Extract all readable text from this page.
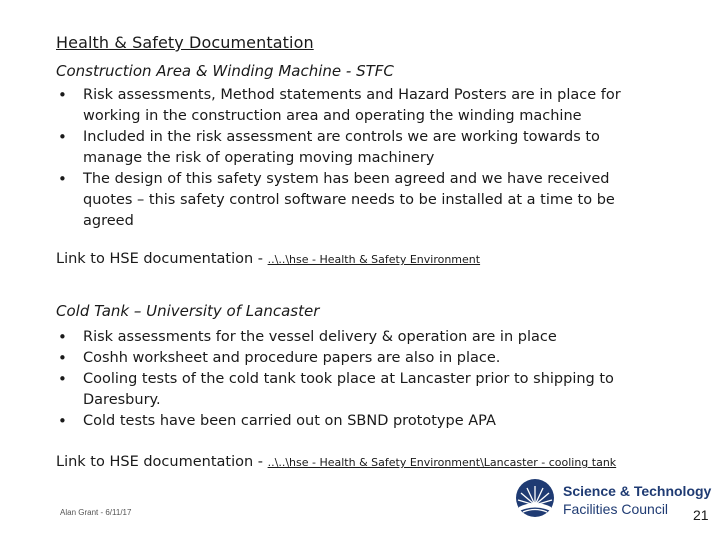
Health & Safety Documentation
Construction Area & Winding Machine - STFC
• Risk assessments, Method statements and Hazard Posters are in place for working in the construction area and operating the winding machine
• Included in the risk assessment are controls we are working towards to manage the risk of operating moving machinery
• The design of this safety system has been agreed and we have received quotes – this safety control software needs to be installed at a time to be agreed
Link to HSE documentation - ..\..\hse - Health & Safety Environment
Cold Tank – University of Lancaster
• Risk assessments for the vessel delivery & operation are in place
• Coshh worksheet and procedure papers are also in place.
• Cooling tests of the cold tank took place at Lancaster prior to shipping to Daresbury.
• Cold tests have been carried out on SBND prototype APA
Link to HSE documentation - ..\..\hse - Health & Safety Environment\Lancaster - cooling tank
Alan Grant - 6/11/17
Science & Technology
Facilities Council 21
